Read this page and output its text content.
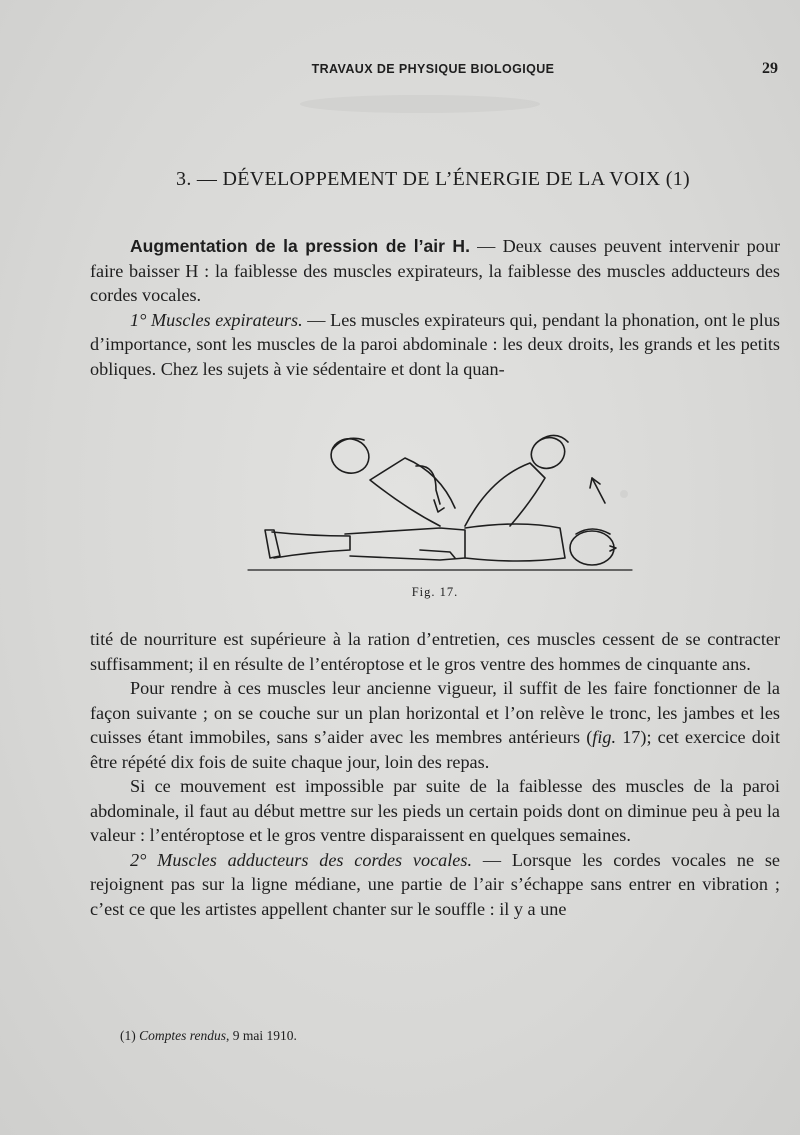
TRAVAUX DE PHYSIQUE BIOLOGIQUE	29
3. — DÉVELOPPEMENT DE L’ÉNERGIE DE LA VOIX (1)

Augmentation de la pression de l’air H. — Deux causes peuvent intervenir pour faire baisser H : la faiblesse des muscles expirateurs, la faiblesse des muscles adducteurs des cordes vocales.

1° Muscles expirateurs. — Les muscles expirateurs qui, pendant la phonation, ont le plus d’importance, sont les muscles de la paroi abdominale : les deux droits, les grands et les petits obliques. Chez les sujets à vie sédentaire et dont la quan-

Fig. 17.

tité de nourriture est supérieure à la ration d’entretien, ces muscles cessent de se contracter suffisamment; il en résulte de l’entéroptose et le gros ventre des hommes de cinquante ans.

Pour rendre à ces muscles leur ancienne vigueur, il suffit de les faire fonctionner de la façon suivante ; on se couche sur un plan horizontal et l’on relève le tronc, les jambes et les cuisses étant immobiles, sans s’aider avec les membres antérieurs (fig. 17); cet exercice doit être répété dix fois de suite chaque jour, loin des repas.

Si ce mouvement est impossible par suite de la faiblesse des muscles de la paroi abdominale, il faut au début mettre sur les pieds un certain poids dont on diminue peu à peu la valeur : l’entéroptose et le gros ventre disparaissent en quelques semaines.

2° Muscles adducteurs des cordes vocales. — Lorsque les cordes vocales ne se rejoignent pas sur la ligne médiane, une partie de l’air s’échappe sans entrer en vibration ; c’est ce que les artistes appellent chanter sur le souffle : il y a une

(1) Comptes rendus, 9 mai 1910.
